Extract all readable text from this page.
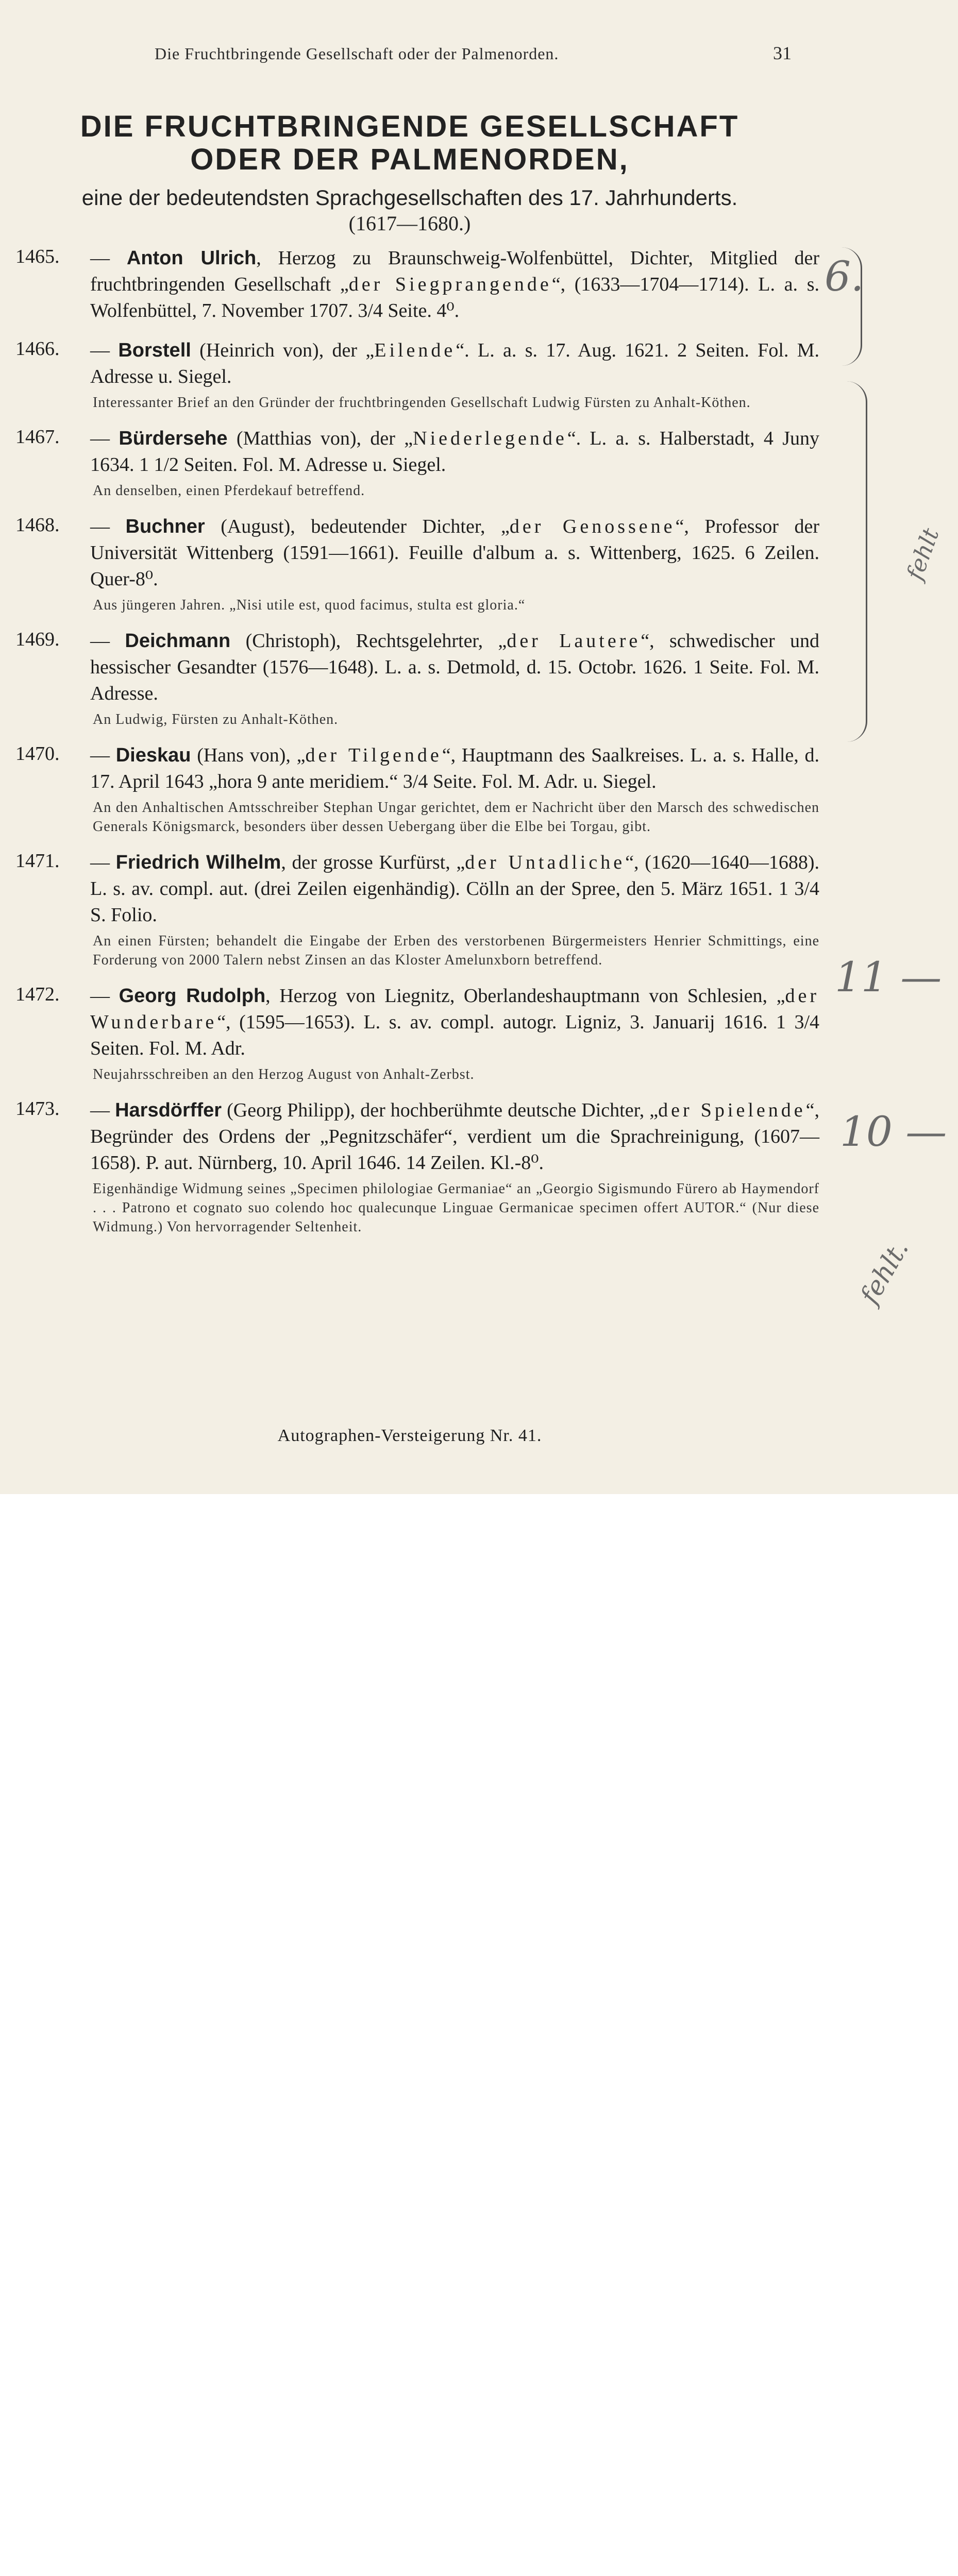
Die Fruchtbringende Gesellschaft oder der Palmenorden.	31
DIE FRUCHTBRINGENDE GESELLSCHAFT
ODER DER PALMENORDEN,
eine der bedeutendsten Sprachgesellschaften des 17. Jahrhunderts.
(1617—1680.)
1465. — Anton Ulrich, Herzog zu Braunschweig-Wolfenbüttel, Dichter, Mitglied der fruchtbringenden Gesellschaft „der Siegprangende“, (1633—1704—1714). L. a. s. Wolfenbüttel, 7. November 1707. 3/4 Seite. 4⁰.
1466. — Borstell (Heinrich von), der „Eilende“. L. a. s. 17. Aug. 1621. 2 Seiten. Fol. M. Adresse u. Siegel.
Interessanter Brief an den Gründer der fruchtbringenden Gesellschaft Ludwig Fürsten zu Anhalt-Köthen.
1467. — Bürdersehe (Matthias von), der „Niederlegende“. L. a. s. Halberstadt, 4 Juny 1634. 1 1/2 Seiten. Fol. M. Adresse u. Siegel.
An denselben, einen Pferdekauf betreffend.
1468. — Buchner (August), bedeutender Dichter, „der Genossene“, Professor der Universität Wittenberg (1591—1661). Feuille d'album a. s. Wittenberg, 1625. 6 Zeilen. Quer-8⁰.
Aus jüngeren Jahren. „Nisi utile est, quod facimus, stulta est gloria.“
1469. — Deichmann (Christoph), Rechtsgelehrter, „der Lautere“, schwedischer und hessischer Gesandter (1576—1648). L. a. s. Detmold, d. 15. Octobr. 1626. 1 Seite. Fol. M. Adresse.
An Ludwig, Fürsten zu Anhalt-Köthen.
1470. — Dieskau (Hans von), „der Tilgende“, Hauptmann des Saalkreises. L. a. s. Halle, d. 17. April 1643 „hora 9 ante meridiem.“ 3/4 Seite. Fol. M. Adr. u. Siegel.
An den Anhaltischen Amtsschreiber Stephan Ungar gerichtet, dem er Nachricht über den Marsch des schwedischen Generals Königsmarck, besonders über dessen Uebergang über die Elbe bei Torgau, gibt.
1471. — Friedrich Wilhelm, der grosse Kurfürst, „der Untadliche“, (1620—1640—1688). L. s. av. compl. aut. (drei Zeilen eigenhändig). Cölln an der Spree, den 5. März 1651. 1 3/4 S. Folio.
An einen Fürsten; behandelt die Eingabe der Erben des verstorbenen Bürgermeisters Henrier Schmittings, eine Forderung von 2000 Talern nebst Zinsen an das Kloster Amelunxborn betreffend.
1472. — Georg Rudolph, Herzog von Liegnitz, Oberlandeshauptmann von Schlesien, „der Wunderbare“, (1595—1653). L. s. av. compl. autogr. Ligniz, 3. Januarij 1616. 1 3/4 Seiten. Fol. M. Adr.
Neujahrsschreiben an den Herzog August von Anhalt-Zerbst.
1473. — Harsdörffer (Georg Philipp), der hochberühmte deutsche Dichter, „der Spielende“, Begründer des Ordens der „Pegnitzschäfer“, verdient um die Sprachreinigung, (1607—1658). P. aut. Nürnberg, 10. April 1646. 14 Zeilen. Kl.-8⁰.
Eigenhändige Widmung seines „Specimen philologiae Germaniae“ an „Georgio Sigismundo Fürero ab Haymendorf . . . Patrono et cognato suo colendo hoc qualecunque Linguae Germanicae specimen offert AUTOR.“ (Nur diese Widmung.) Von hervorragender Seltenheit.
Autographen-Versteigerung Nr. 41.
6.
fehlt
11 —
10 —
fehlt.
